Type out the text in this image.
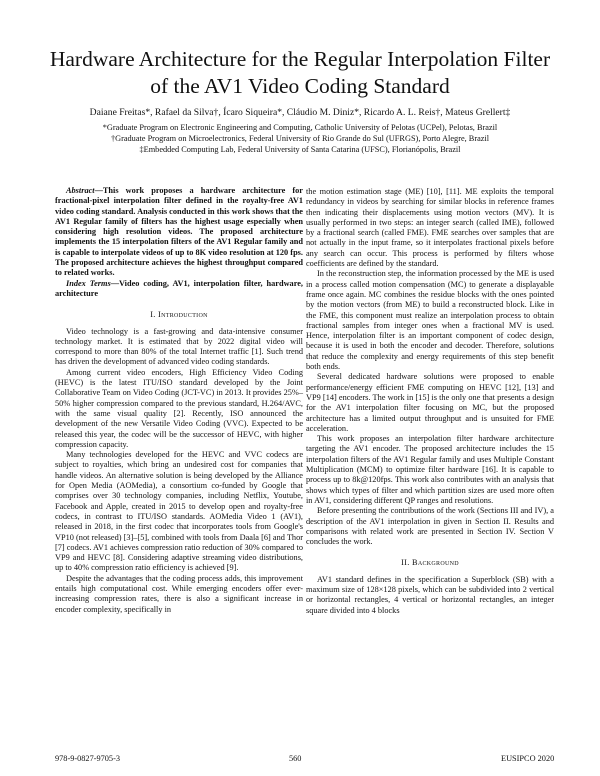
Hardware Architecture for the Regular Interpolation Filter of the AV1 Video Coding Standard

Daiane Freitas*, Rafael da Silva†, Ícaro Siqueira*, Cláudio M. Diniz*, Ricardo A. L. Reis†, Mateus Grellert‡

*Graduate Program on Electronic Engineering and Computing, Catholic University of Pelotas (UCPel), Pelotas, Brazil
†Graduate Program on Microelectronics, Federal University of Rio Grande do Sul (UFRGS), Porto Alegre, Brazil
‡Embedded Computing Lab, Federal University of Santa Catarina (UFSC), Florianópolis, Brazil

Abstract—This work proposes a hardware architecture for fractional-pixel interpolation filter defined in the royalty-free AV1 video coding standard. Analysis conducted in this work shows that the AV1 Regular family of filters has the highest usage especially when considering high resolution videos. The proposed architecture implements the 15 interpolation filters of the AV1 Regular family and is capable to interpolate videos of up to 8K video resolution at 120 fps. The proposed architecture achieves the highest throughput compared to related works.

Index Terms—Video coding, AV1, interpolation filter, hardware, architecture

I. Introduction

Video technology is a fast-growing and data-intensive consumer technology market. It is estimated that by 2022 digital video will correspond to more than 80% of the total Internet traffic [1]. Such trend has driven the development of advanced video coding standards.

Among current video encoders, High Efficiency Video Coding (HEVC) is the latest ITU/ISO standard developed by the Joint Collaborative Team on Video Coding (JCT-VC) in 2013. It provides 25%–50% higher compression compared to the previous standard, H.264/AVC, with the same visual quality [2]. Recently, ISO announced the development of the new Versatile Video Coding (VVC). Expected to be released this year, the codec will be the successor of HEVC, with higher compression capacity.

Many technologies developed for the HEVC and VVC codecs are subject to royalties, which bring an undesired cost for companies that handle videos. An alternative solution is being developed by the Alliance for Open Media (AOMedia), a consortium co-funded by Google that comprises over 30 technology companies, including Netflix, Youtube, Facebook and Apple, created in 2015 to develop open and royalty-free codecs, in contrast to ITU/ISO standards. AOMedia Video 1 (AV1), released in 2018, in the first codec that incorporates tools from Google's VP10 (not released) [3]–[5], combined with tools from Daala [6] and Thor [7] codecs. AV1 achieves compression ratio reduction of 30% compared to VP9 and HEVC [8]. Considering adaptive streaming video distributions, up to 40% compression ratio efficiency is achieved [9].

Despite the advantages that the coding process adds, this improvement entails high computational cost. While emerging encoders offer ever-increasing compression rates, there is also a significant increase in encoder complexity, specifically in

the motion estimation stage (ME) [10], [11]. ME exploits the temporal redundancy in videos by searching for similar blocks in reference frames then indicating their displacements using motion vectors (MV). It is usually performed in two steps: an integer search (called IME), followed by a fractional search (called FME). FME searches over samples that are not actually in the input frame, so it interpolates fractional pixels before any search can occur. This process is performed by filters whose coefficients are defined by the standard.

In the reconstruction step, the information processed by the ME is used in a process called motion compensation (MC) to generate a displayable frame once again. MC combines the residue blocks with the ones pointed by the motion vectors (from ME) to build a reconstructed block. Like in the FME, this component must realize an interpolation process to obtain fractional samples from integer ones when a fractional MV is used. Hence, interpolation filter is an important component of codec design, because it is used in both the encoder and decoder. Therefore, solutions that reduce the complexity and energy requirements of this step benefit both ends.

Several dedicated hardware solutions were proposed to enable performance/energy efficient FME computing on HEVC [12], [13] and VP9 [14] encoders. The work in [15] is the only one that presents a design for the AV1 interpolation filter focusing on MC, but the proposed architecture has a limited output throughput and is unsuited for FME acceleration.

This work proposes an interpolation filter hardware architecture targeting the AV1 encoder. The proposed architecture includes the 15 interpolation filters of the AV1 Regular family and uses Multiple Constant Multiplication (MCM) to optimize filter hardware [16]. It is capable to process up to 8k@120fps. This work also contributes with an analysis that shows which types of filter and which partition sizes are used more often in AV1, considering different QP ranges and resolutions.

Before presenting the contributions of the work (Sections III and IV), a description of the AV1 interpolation in given in Section II. Results and comparisons with related work are presented in Section IV. Section V concludes the work.

II. Background

AV1 standard defines in the specification a Superblock (SB) with a maximum size of 128×128 pixels, which can be subdivided into 2 vertical or horizontal rectangles, 4 vertical or horizontal rectangles, an integer square divided into 4 blocks

978-9-0827-9705-3	560	EUSIPCO 2020
